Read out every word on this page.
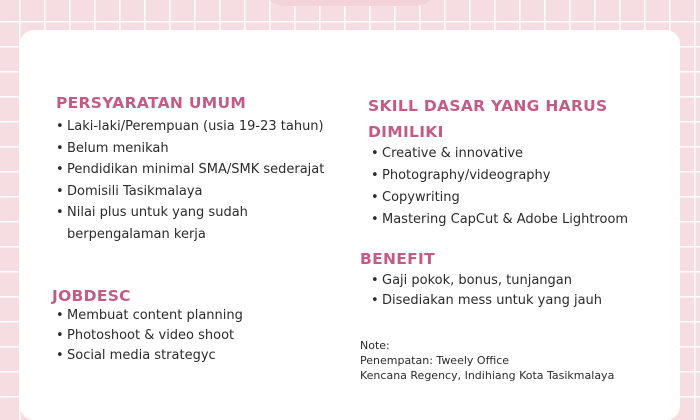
PERSYARATAN UMUM
• Laki-laki/Perempuan (usia 19-23 tahun)
• Belum menikah
• Pendidikan minimal SMA/SMK sederajat
• Domisili Tasikmalaya
• Nilai plus untuk yang sudah
berpengalaman kerja
JOBDESC
• Membuat content planning
• Photoshoot & video shoot
• Social media strategyc
SKILL DASAR YANG HARUS
DIMILIKI
• Creative & innovative
• Photography/videography
• Copywriting
• Mastering CapCut & Adobe Lightroom
BENEFIT
• Gaji pokok, bonus, tunjangan
• Disediakan mess untuk yang jauh
Note:
Penempatan: Tweely Office
Kencana Regency, Indihiang Kota Tasikmalaya
